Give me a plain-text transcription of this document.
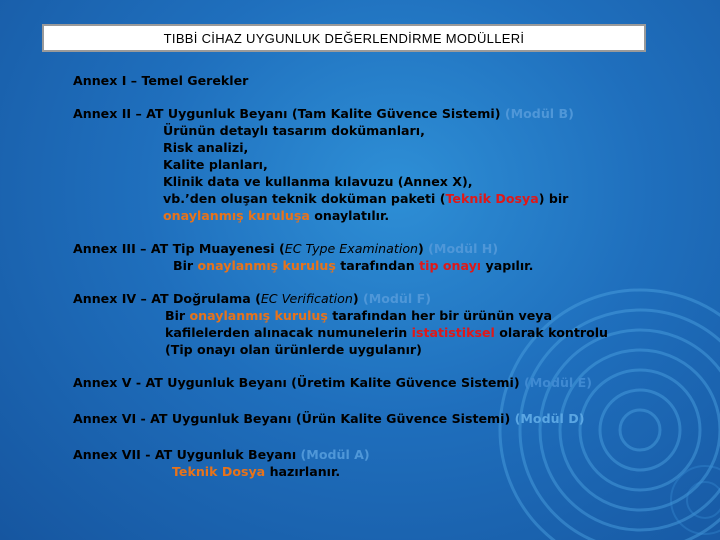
TIBBİ CİHAZ UYGUNLUK DEĞERLENDİRME MODÜLLERİ
Annex I – Temel Gerekler
Annex II – AT Uygunluk Beyanı (Tam Kalite Güvence Sistemi) (Modül B)
Ürünün detaylı tasarım dokümanları,
Risk analizi,
Kalite planları,
Klinik data ve kullanma kılavuzu (Annex X),
vb.’den oluşan teknik doküman paketi (Teknik Dosya) bir
onaylanmış kuruluşa onaylatılır.
Annex III – AT Tip Muayenesi (EC Type Examination) (Modül H)
Bir onaylanmış kuruluş tarafından tip onayı yapılır.
Annex IV – AT Doğrulama (EC Verification) (Modül F)
Bir onaylanmış kuruluş tarafından her bir ürünün veya
kafilelerden alınacak numunelerin istatistiksel olarak kontrolu
(Tip onayı olan ürünlerde uygulanır)
Annex V - AT Uygunluk Beyanı (Üretim Kalite Güvence Sistemi) (Modül E)
Annex VI - AT Uygunluk Beyanı (Ürün Kalite Güvence Sistemi) (Modül D)
Annex VII - AT Uygunluk Beyanı (Modül A)
Teknik Dosya hazırlanır.
